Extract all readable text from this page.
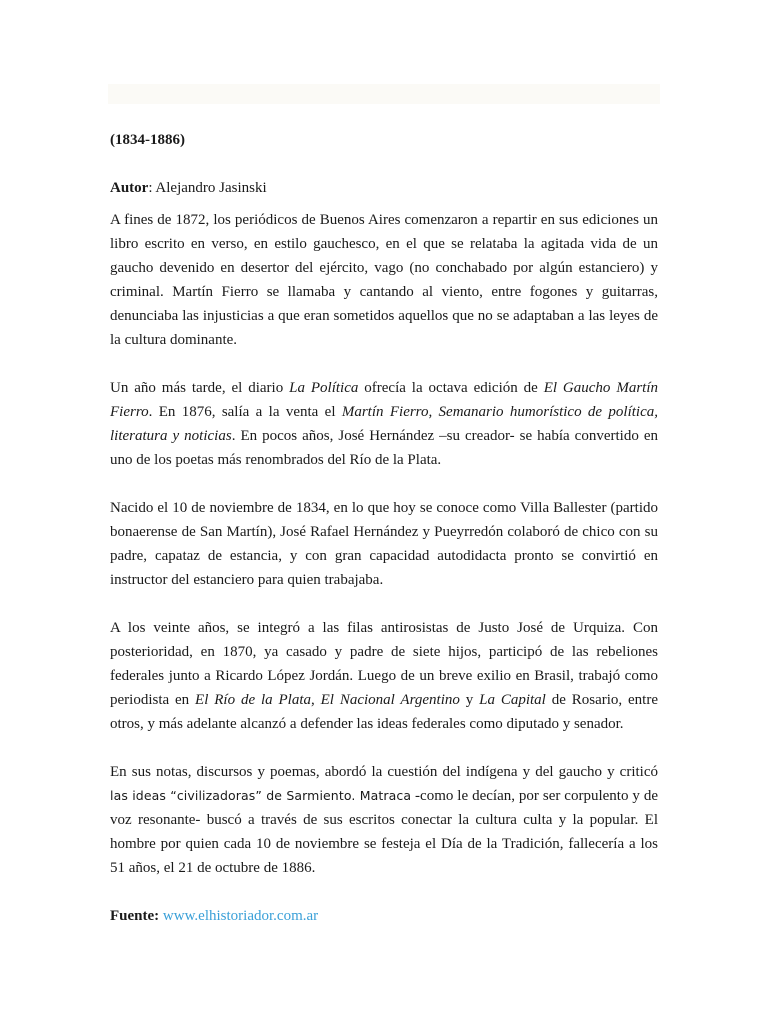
(1834-1886)

Autor: Alejandro Jasinski

A fines de 1872, los periódicos de Buenos Aires comenzaron a repartir en sus ediciones un libro escrito en verso, en estilo gauchesco, en el que se relataba la agitada vida de un gaucho devenido en desertor del ejército, vago (no conchabado por algún estanciero) y criminal. Martín Fierro se llamaba y cantando al viento, entre fogones y guitarras, denunciaba las injusticias a que eran sometidos aquellos que no se adaptaban a las leyes de la cultura dominante.

Un año más tarde, el diario La Política ofrecía la octava edición de El Gaucho Martín Fierro. En 1876, salía a la venta el Martín Fierro, Semanario humorístico de política, literatura y noticias. En pocos años, José Hernández –su creador- se había convertido en uno de los poetas más renombrados del Río de la Plata.

Nacido el 10 de noviembre de 1834, en lo que hoy se conoce como Villa Ballester (partido bonaerense de San Martín), José Rafael Hernández y Pueyrredón colaboró de chico con su padre, capataz de estancia, y con gran capacidad autodidacta pronto se convirtió en instructor del estanciero para quien trabajaba.

A los veinte años, se integró a las filas antirosistas de Justo José de Urquiza. Con posterioridad, en 1870, ya casado y padre de siete hijos, participó de las rebeliones federales junto a Ricardo López Jordán. Luego de un breve exilio en Brasil, trabajó como periodista en El Río de la Plata, El Nacional Argentino y La Capital de Rosario, entre otros, y más adelante alcanzó a defender las ideas federales como diputado y senador.

En sus notas, discursos y poemas, abordó la cuestión del indígena y del gaucho y criticó las ideas “civilizadoras” de Sarmiento. Matraca -como le decían, por ser corpulento y de voz resonante- buscó a través de sus escritos conectar la cultura culta y la popular. El hombre por quien cada 10 de noviembre se festeja el Día de la Tradición, fallecería a los 51 años, el 21 de octubre de 1886.

Fuente: www.elhistoriador.com.ar
